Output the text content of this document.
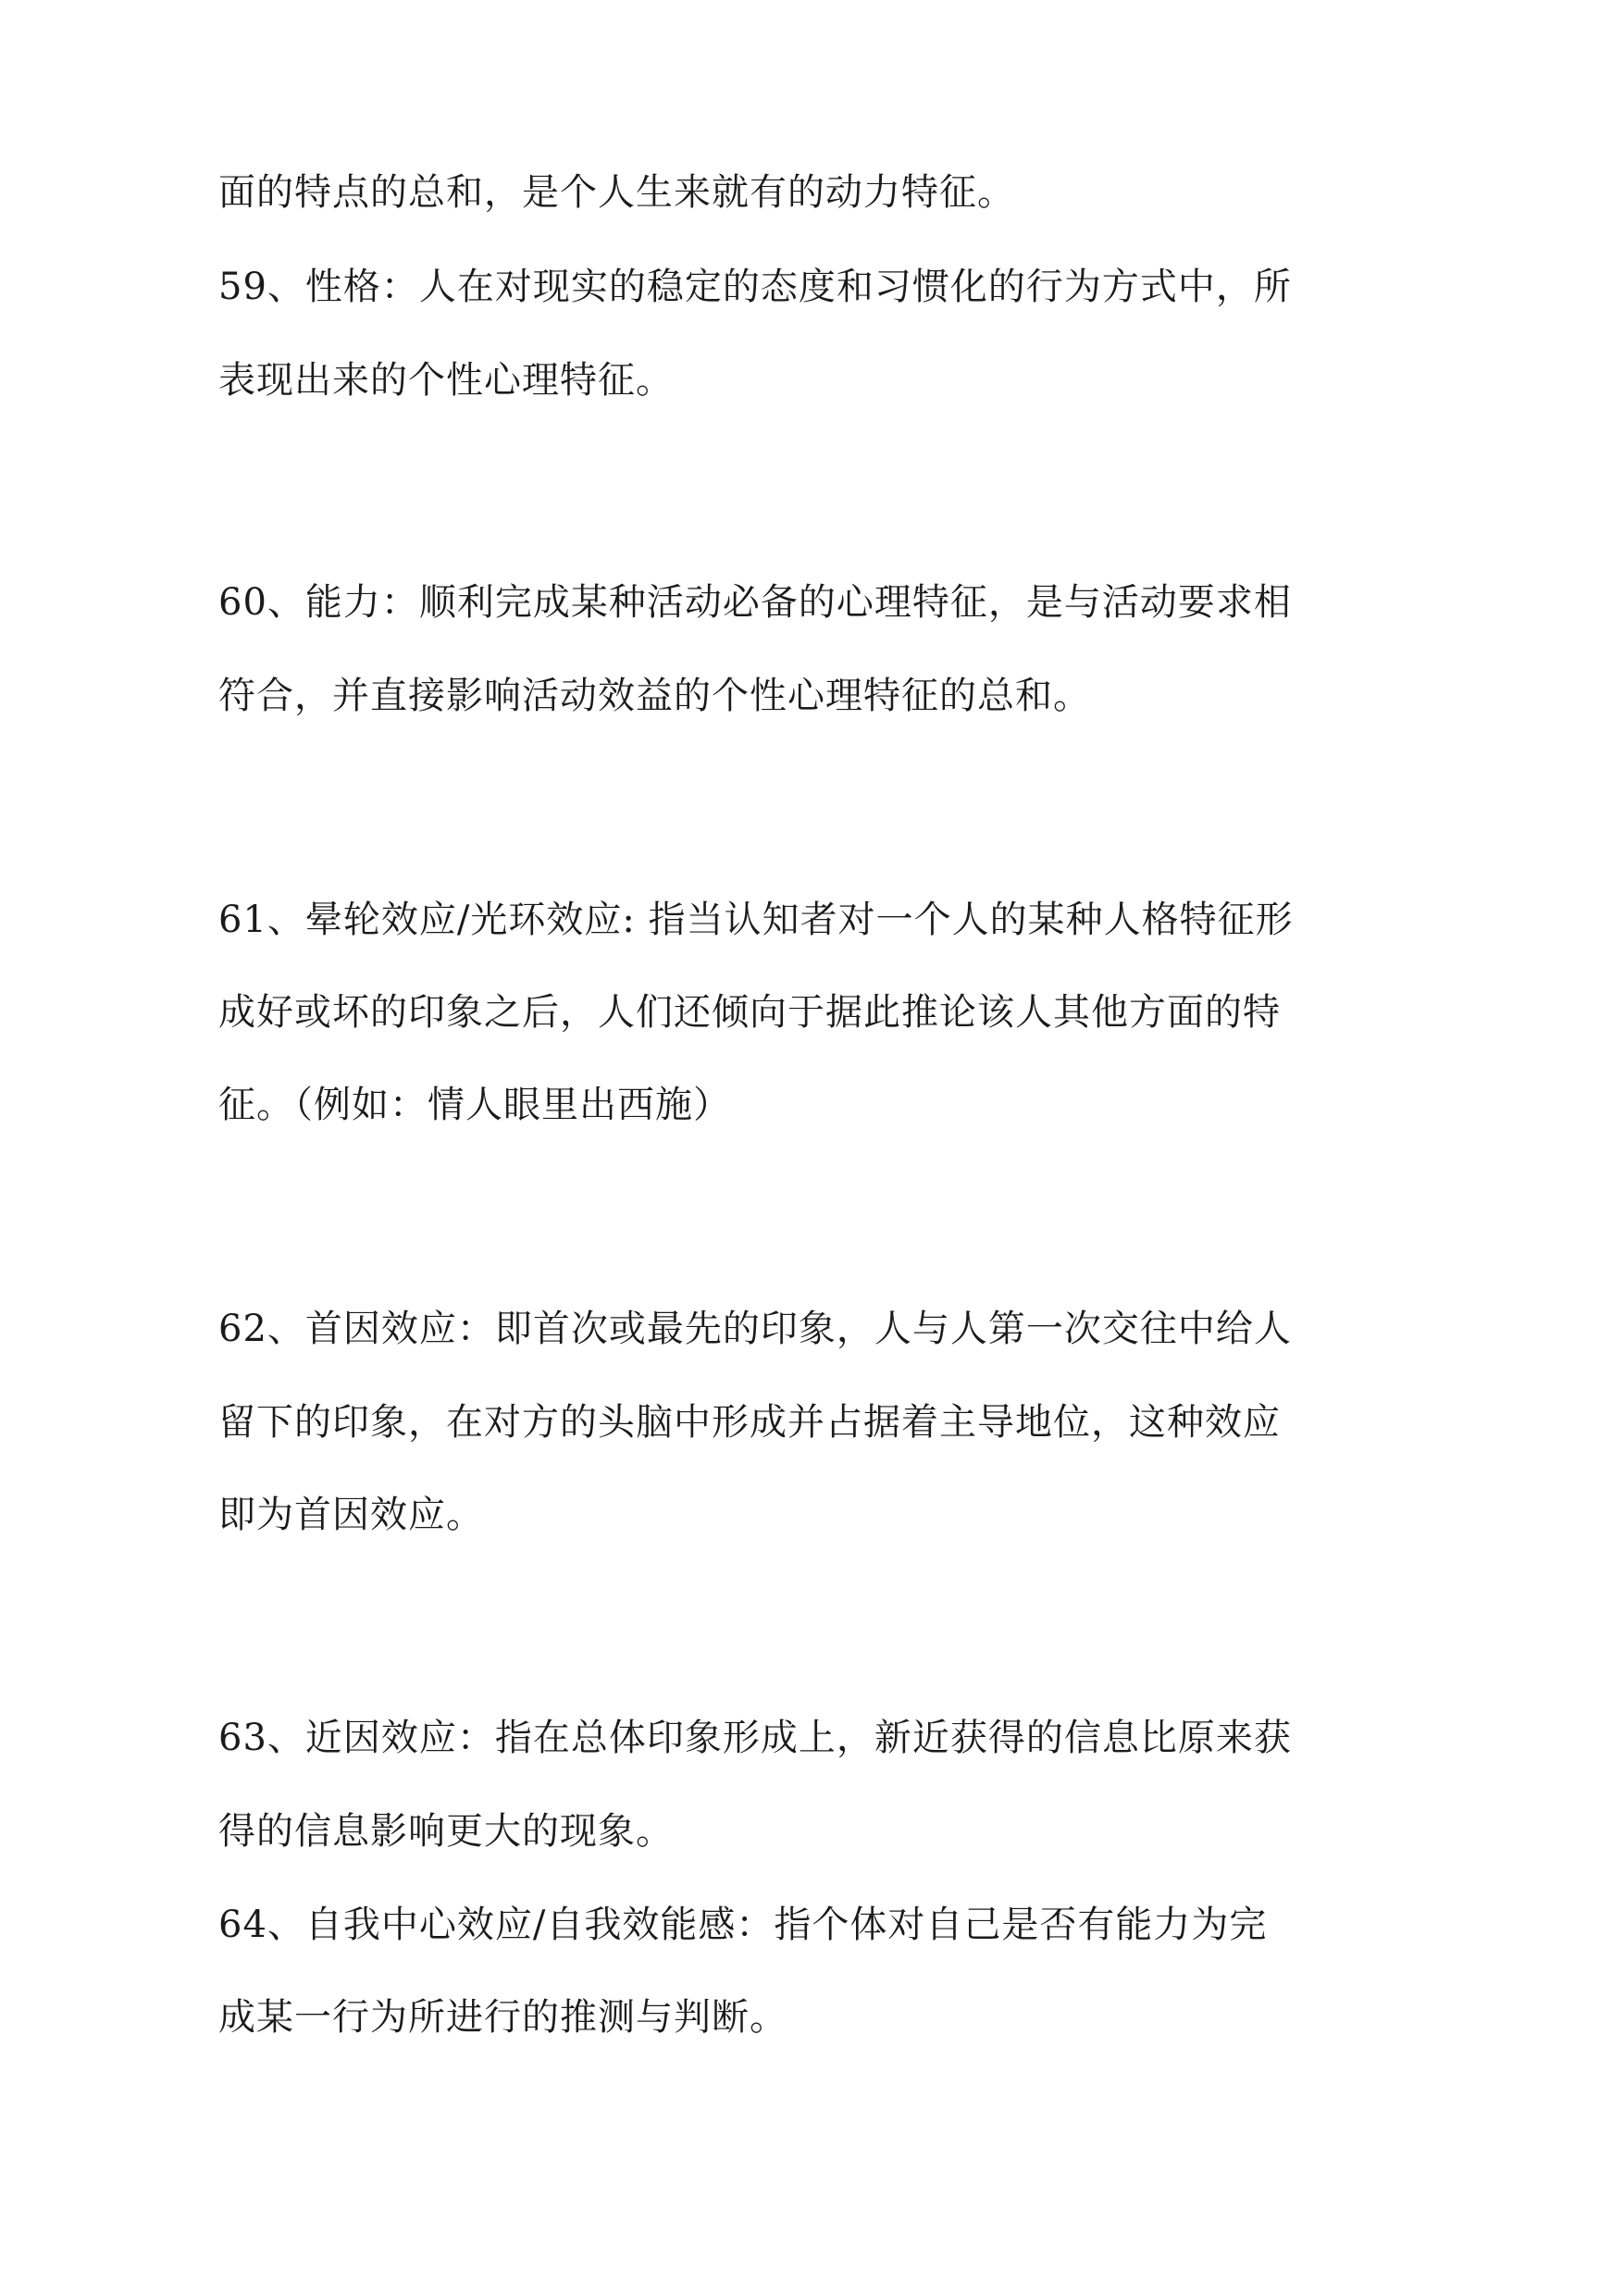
面的特点的总和，是个人生来就有的动力特征。
59、性格：人在对现实的稳定的态度和习惯化的行为方式中，所
表现出来的个性心理特征。
60、能力：顺利完成某种活动必备的心理特征，是与活动要求相
符合，并直接影响活动效益的个性心理特征的总和。
61、晕轮效应/光环效应: 指当认知者对一个人的某种人格特征形
成好或坏的印象之后，人们还倾向于据此推论该人其他方面的特
征。（例如：情人眼里出西施）
62、首因效应：即首次或最先的印象，人与人第一次交往中给人
留下的印象，在对方的头脑中形成并占据着主导地位，这种效应
即为首因效应。
63、近因效应：指在总体印象形成上，新近获得的信息比原来获
得的信息影响更大的现象。
64、自我中心效应/自我效能感：指个体对自己是否有能力为完
成某一行为所进行的推测与判断。
